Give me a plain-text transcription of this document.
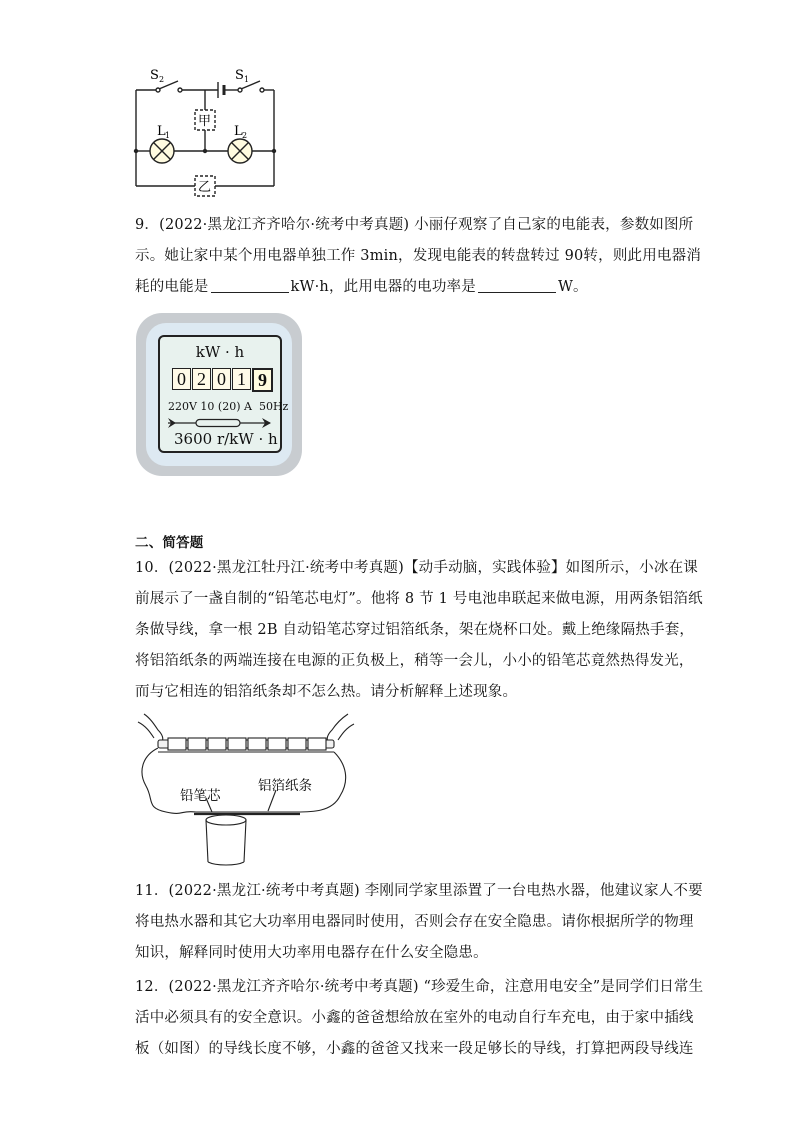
S 2	S 1
L 1	L 2
甲
乙
9．(2022·黑龙江齐齐哈尔·统考中考真题) 小丽仔观察了自己家的电能表，参数如图所
示。她让家中某个用电器单独工作 3min，发现电能表的转盘转过 90转，则此用电器消
耗的电能是	kW·h，此用电器的电功率是	W。
kW · h
0 2 0 1 9
220V 10 (20) A 50Hz
3600 r/kW · h
二、简答题
10．(2022·黑龙江牡丹江·统考中考真题)【动手动脑，实践体验】如图所示，小冰在课
前展示了一盏自制的“铅笔芯电灯”。他将 8 节 1 号电池串联起来做电源，用两条铝箔纸
条做导线，拿一根 2B 自动铅笔芯穿过铝箔纸条，架在烧杯口处。戴上绝缘隔热手套，
将铝箔纸条的两端连接在电源的正负极上，稍等一会儿，小小的铅笔芯竟然热得发光，
而与它相连的铝箔纸条却不怎么热。请分析解释上述现象。
铅笔芯
铝箔纸条
11．(2022·黑龙江·统考中考真题) 李刚同学家里添置了一台电热水器，他建议家人不要
将电热水器和其它大功率用电器同时使用，否则会存在安全隐患。请你根据所学的物理
知识，解释同时使用大功率用电器存在什么安全隐患。
12．(2022·黑龙江齐齐哈尔·统考中考真题) “珍爱生命，注意用电安全”是同学们日常生
活中必须具有的安全意识。小鑫的爸爸想给放在室外的电动自行车充电，由于家中插线
板（如图）的导线长度不够，小鑫的爸爸又找来一段足够长的导线，打算把两段导线连
